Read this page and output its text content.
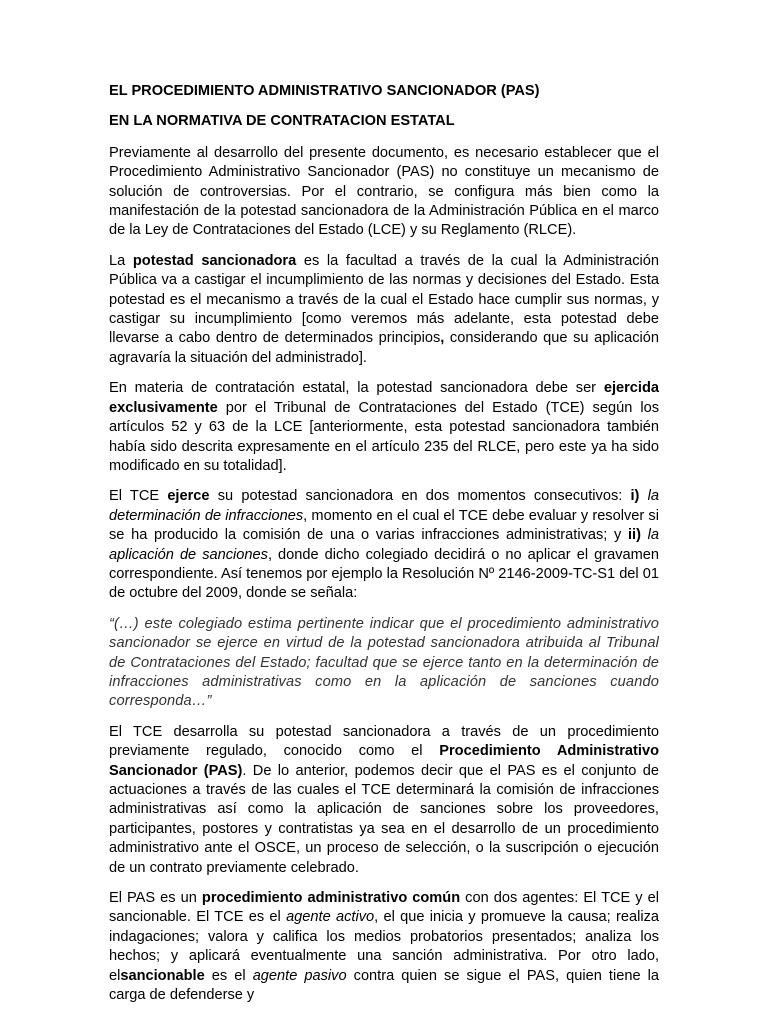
EL PROCEDIMIENTO ADMINISTRATIVO SANCIONADOR (PAS)

EN LA NORMATIVA DE CONTRATACION ESTATAL

Previamente al desarrollo del presente documento, es necesario establecer que el Procedimiento Administrativo Sancionador (PAS) no constituye un mecanismo de solución de controversias. Por el contrario, se configura más bien como la manifestación de la potestad sancionadora de la Administración Pública en el marco de la Ley de Contrataciones del Estado (LCE) y su Reglamento (RLCE).

La potestad sancionadora es la facultad a través de la cual la Administración Pública va a castigar el incumplimiento de las normas y decisiones del Estado. Esta potestad es el mecanismo a través de la cual el Estado hace cumplir sus normas, y castigar su incumplimiento [como veremos más adelante, esta potestad debe llevarse a cabo dentro de determinados principios, considerando que su aplicación agravaría la situación del administrado].

En materia de contratación estatal, la potestad sancionadora debe ser ejercida exclusivamente por el Tribunal de Contrataciones del Estado (TCE) según los artículos 52 y 63 de la LCE [anteriormente, esta potestad sancionadora también había sido descrita expresamente en el artículo 235 del RLCE, pero este ya ha sido modificado en su totalidad].

El TCE ejerce su potestad sancionadora en dos momentos consecutivos: i) la determinación de infracciones, momento en el cual el TCE debe evaluar y resolver si se ha producido la comisión de una o varias infracciones administrativas; y ii) la aplicación de sanciones, donde dicho colegiado decidirá o no aplicar el gravamen correspondiente. Así tenemos por ejemplo la Resolución Nº 2146-2009-TC-S1 del 01 de octubre del 2009, donde se señala:

“(…) este colegiado estima pertinente indicar que el procedimiento administrativo sancionador se ejerce en virtud de la potestad sancionadora atribuida al Tribunal de Contrataciones del Estado; facultad que se ejerce tanto en la determinación de infracciones administrativas como en la aplicación de sanciones cuando corresponda…”

El TCE desarrolla su potestad sancionadora a través de un procedimiento previamente regulado, conocido como el Procedimiento Administrativo Sancionador (PAS). De lo anterior, podemos decir que el PAS es el conjunto de actuaciones a través de las cuales el TCE determinará la comisión de infracciones administrativas así como la aplicación de sanciones sobre los proveedores, participantes, postores y contratistas ya sea en el desarrollo de un procedimiento administrativo ante el OSCE, un proceso de selección, o la suscripción o ejecución de un contrato previamente celebrado.

El PAS es un procedimiento administrativo común con dos agentes: El TCE y el sancionable. El TCE es el agente activo, el que inicia y promueve la causa; realiza indagaciones; valora y califica los medios probatorios presentados; analiza los hechos; y aplicará eventualmente una sanción administrativa. Por otro lado, elsancionable es el agente pasivo contra quien se sigue el PAS, quien tiene la carga de defenderse y
